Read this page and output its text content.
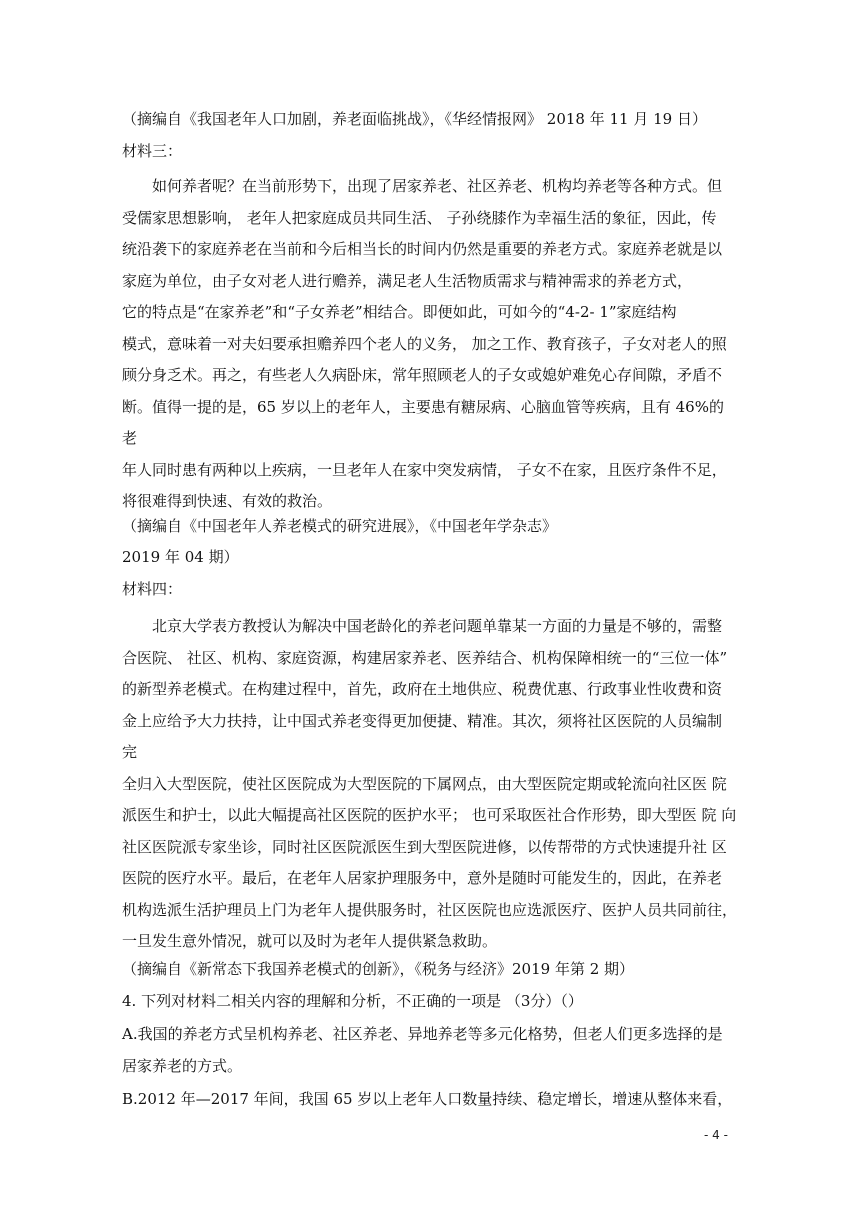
（摘编自《我国老年人口加剧，养老面临挑战》，《华经情报网》 2018 年 11 月 19 日）
材料三：
如何养者呢？在当前形势下，出现了居家养老、社区养老、机构均养老等各种方式。但
受儒家思想影响， 老年人把家庭成员共同生活、 子孙绕膝作为幸福生活的象征，因此，传
统沿袭下的家庭养老在当前和今后相当长的时间内仍然是重要的养老方式。家庭养老就是以
家庭为单位，由子女对老人进行赡养，满足老人生活物质需求与精神需求的养老方式，
它的特点是“在家养老”和“子女养老”相结合。即便如此，可如今的“4-2- 1”家庭结构
模式，意味着一对夫妇要承担赡养四个老人的义务， 加之工作、教育孩子，子女对老人的照
顾分身乏术。再之，有些老人久病卧床，常年照顾老人的子女或媳妒难免心存间隙，矛盾不
断。值得一提的是，65 岁以上的老年人，主要患有糖尿病、心脑血管等疾病，且有 46%的老
年人同时患有两种以上疾病，一旦老年人在家中突发病情， 子女不在家，且医疗条件不足，
将很难得到快速、有效的救治。
（摘编自《中国老年人养老模式的研究进展》，《中国老年学杂志》
2019 年 04 期）
材料四：
北京大学表方教授认为解决中国老龄化的养老问题单靠某一方面的力量是不够的，需整
合医院、 社区、机构、家庭资源，构建居家养老、医养结合、机构保障相统一的“三位一体”
的新型养老模式。在构建过程中，首先，政府在土地供应、税费优惠、行政事业性收费和资
金上应给予大力扶持，让中国式养老变得更加便捷、精准。其次，须将社区医院的人员编制 完
全归入大型医院，使社区医院成为大型医院的下属网点，由大型医院定期或轮流向社区医 院
派医生和护士，以此大幅提高社区医院的医护水平； 也可采取医社合作形势，即大型医 院 向
社区医院派专家坐诊，同时社区医院派医生到大型医院进修，以传帮带的方式快速提升社 区
医院的医疗水平。最后，在老年人居家护理服务中，意外是随时可能发生的，因此，在养老
机构选派生活护理员上门为老年人提供服务时，社区医院也应选派医疗、医护人员共同前往，
一旦发生意外情况，就可以及时为老年人提供紧急救助。
（摘编自《新常态下我国养老模式的创新》，《税务与经济》2019 年第 2 期）
4. 下列对材料二相关内容的理解和分析，不正确的一项是 （3分）（）
A.我国的养老方式呈机构养老、社区养老、异地养老等多元化格势，但老人们更多选择的是
居家养老的方式。
B.2012 年—2017 年间，我国 65 岁以上老年人口数量持续、稳定增长，增速从整体来看，
- 4 -
